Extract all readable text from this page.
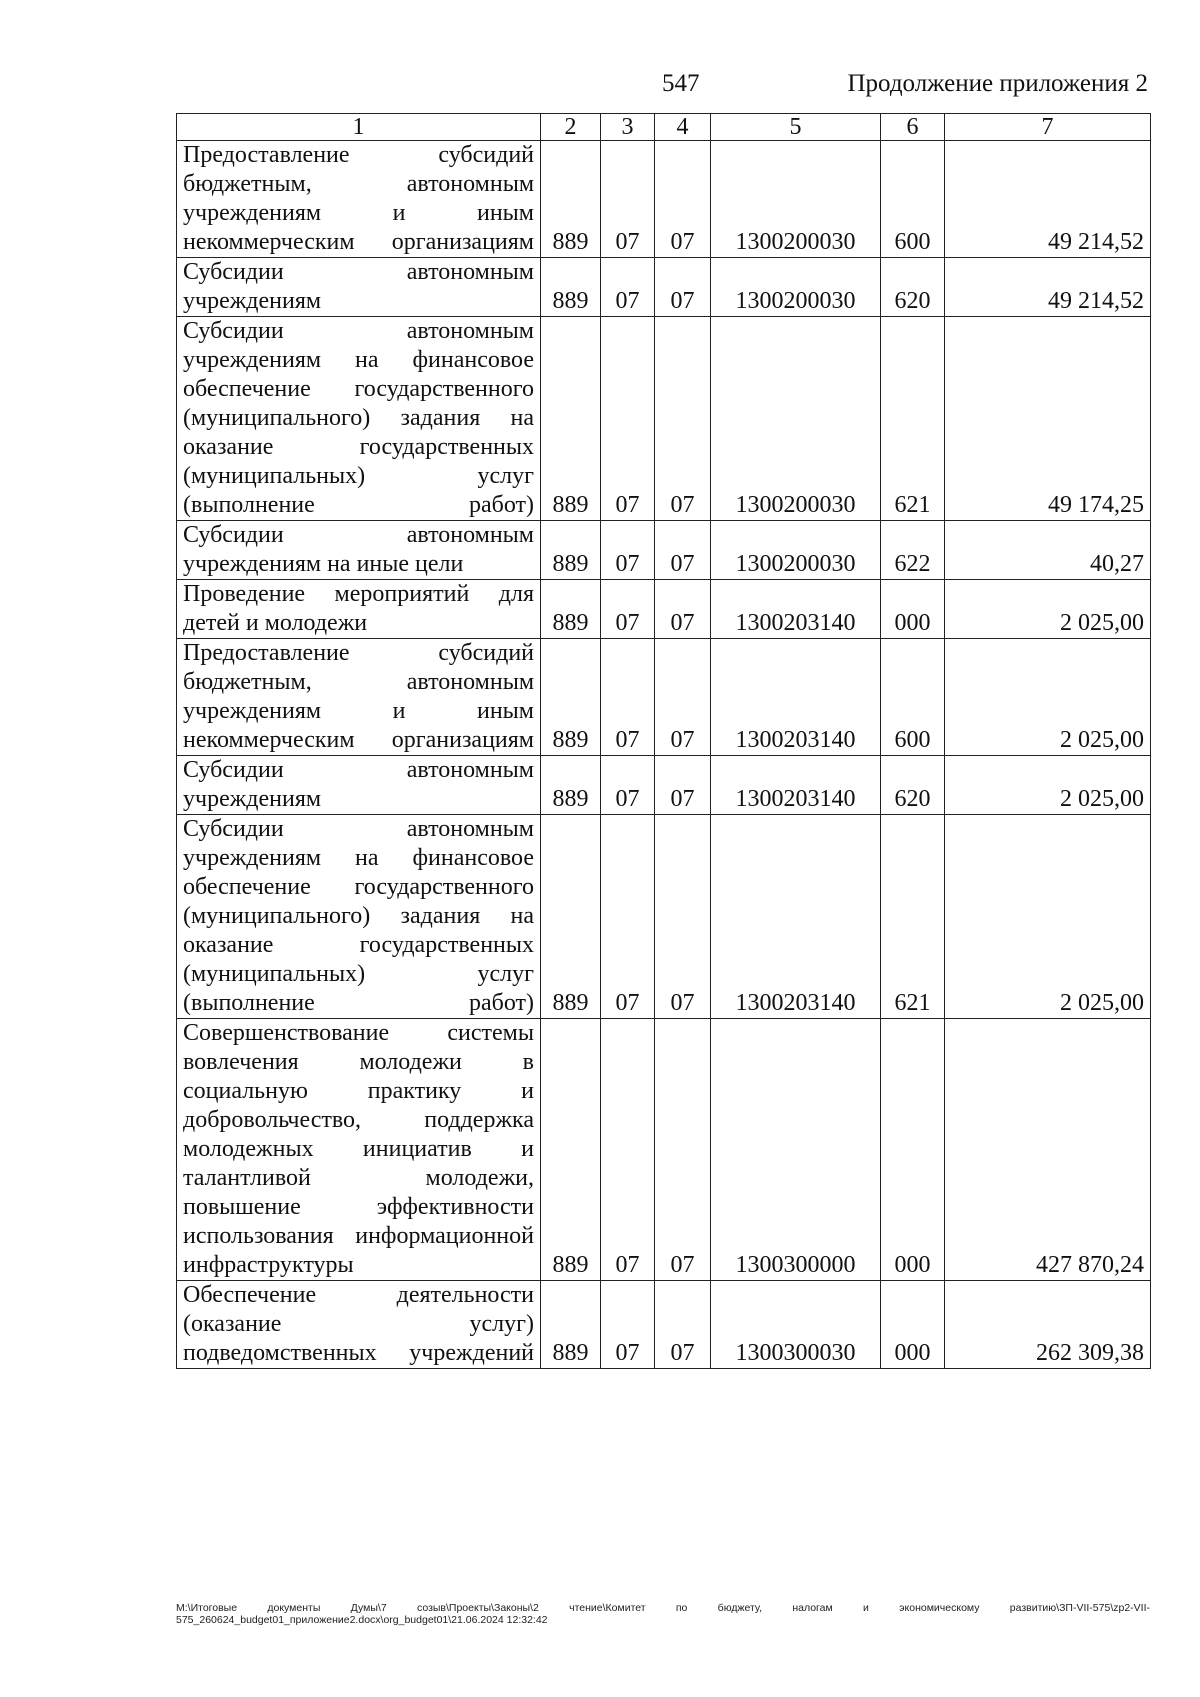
547	Продолжение приложения 2
1	2	3	4	5	6	7
Предоставление субсидий бюджетным, автономным учреждениям и иным некоммерческим организациям	889	07	07	1300200030	600	49 214,52
Субсидии автономным учреждениям	889	07	07	1300200030	620	49 214,52
Субсидии автономным учреждениям на финансовое обеспечение государственного (муниципального) задания на оказание государственных (муниципальных) услуг (выполнение работ)	889	07	07	1300200030	621	49 174,25
Субсидии автономным учреждениям на иные цели	889	07	07	1300200030	622	40,27
Проведение мероприятий для детей и молодежи	889	07	07	1300203140	000	2 025,00
Предоставление субсидий бюджетным, автономным учреждениям и иным некоммерческим организациям	889	07	07	1300203140	600	2 025,00
Субсидии автономным учреждениям	889	07	07	1300203140	620	2 025,00
Субсидии автономным учреждениям на финансовое обеспечение государственного (муниципального) задания на оказание государственных (муниципальных) услуг (выполнение работ)	889	07	07	1300203140	621	2 025,00
Совершенствование системы вовлечения молодежи в социальную практику и добровольчество, поддержка молодежных инициатив и талантливой молодежи, повышение эффективности использования информационной инфраструктуры	889	07	07	1300300000	000	427 870,24
Обеспечение деятельности (оказание услуг) подведомственных учреждений	889	07	07	1300300030	000	262 309,38
M:\Итоговые документы Думы\7 созыв\Проекты\Законы\2 чтение\Комитет по бюджету, налогам и экономическому развитию\ЗП-VII-575\zp2-VII-575_260624_budget01_приложение2.docx\org_budget01\21.06.2024 12:32:42
